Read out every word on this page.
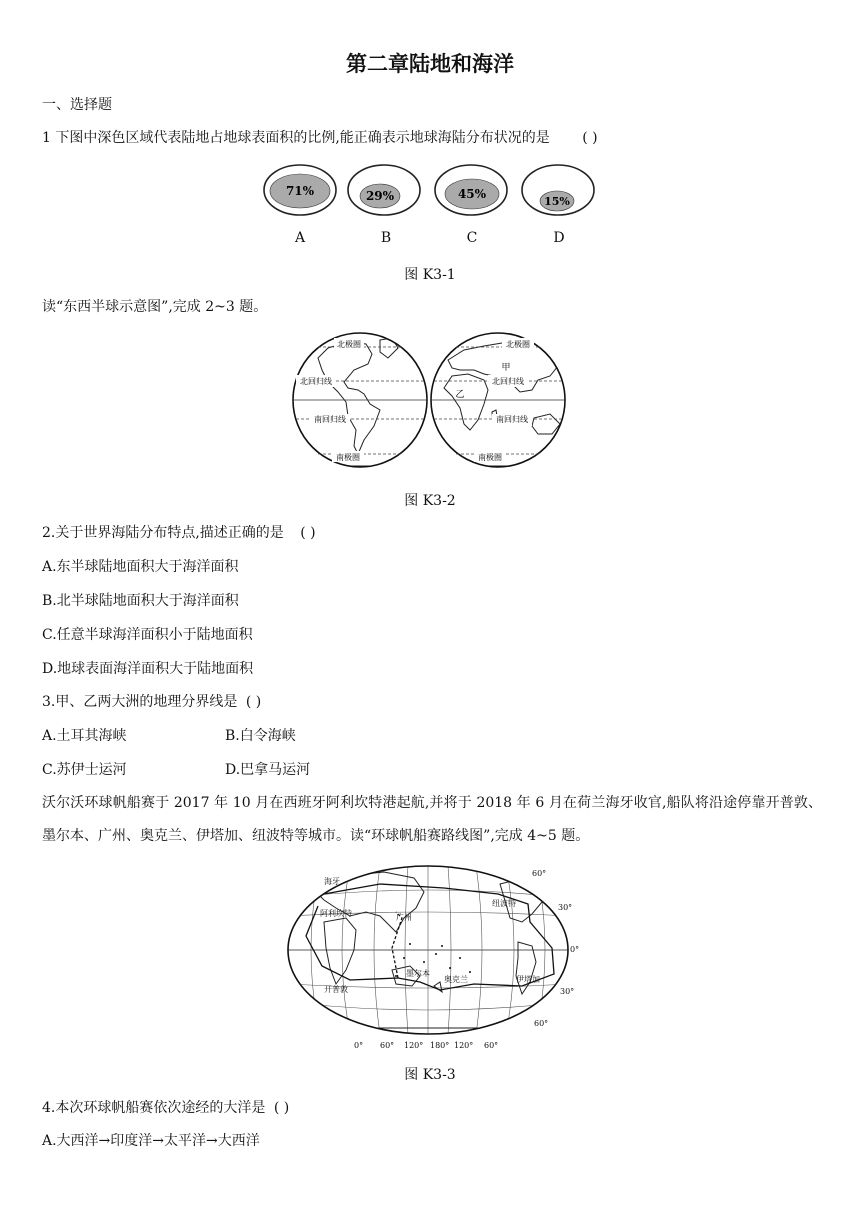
第二章陆地和海洋
一、选择题
1 下图中深色区域代表陆地占地球表面积的比例,能正确表示地球海陆分布状况的是 ( )
71%	29%	45%
15%
A	B	C	D
图 K3-1
读“东西半球示意图”,完成 2~3 题。
北极圈
北回归线
南回归线
南极圈
北极圈
甲
北回归线
乙
南回归线
南极圈
图 K3-2
2.关于世界海陆分布特点,描述正确的是 ( )
A.东半球陆地面积大于海洋面积
B.北半球陆地面积大于海洋面积
C.任意半球海洋面积小于陆地面积
D.地球表面海洋面积大于陆地面积
3.甲、乙两大洲的地理分界线是 ( )
A.土耳其海峡	B.白令海峡
C.苏伊士运河	D.巴拿马运河
沃尔沃环球帆船赛于 2017 年 10 月在西班牙阿利坎特港起航,并将于 2018 年 6 月在荷兰海牙收官,船队将沿途停靠开普敦、墨尔本、广州、奥克兰、伊塔加、纽波特等城市。读“环球帆船赛路线图”,完成 4~5 题。
海牙
阿利坎特	广州
纽波特
开普敦
墨尔本
奥克兰	伊塔加
60°
30°
0°
30°
60°
0° 60° 120° 180° 120° 60°
图 K3-3
4.本次环球帆船赛依次途经的大洋是 ( )
A.大西洋→印度洋→太平洋→大西洋
